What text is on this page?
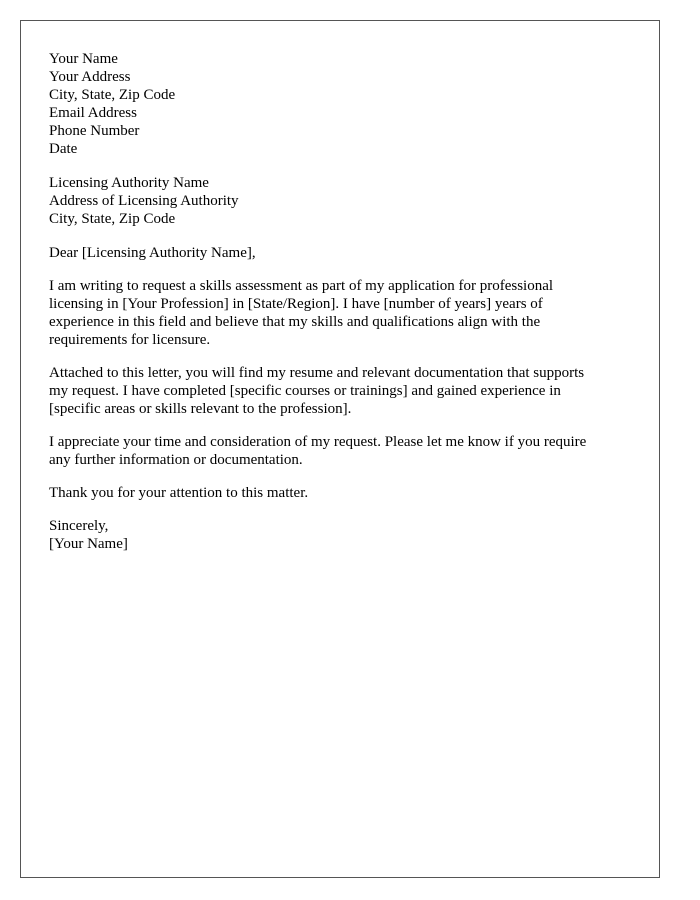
Your Name
Your Address
City, State, Zip Code
Email Address
Phone Number
Date
Licensing Authority Name
Address of Licensing Authority
City, State, Zip Code
Dear [Licensing Authority Name],
I am writing to request a skills assessment as part of my application for professional
licensing in [Your Profession] in [State/Region]. I have [number of years] years of
experience in this field and believe that my skills and qualifications align with the
requirements for licensure.
Attached to this letter, you will find my resume and relevant documentation that supports
my request. I have completed [specific courses or trainings] and gained experience in
[specific areas or skills relevant to the profession].
I appreciate your time and consideration of my request. Please let me know if you require
any further information or documentation.
Thank you for your attention to this matter.
Sincerely,
[Your Name]
